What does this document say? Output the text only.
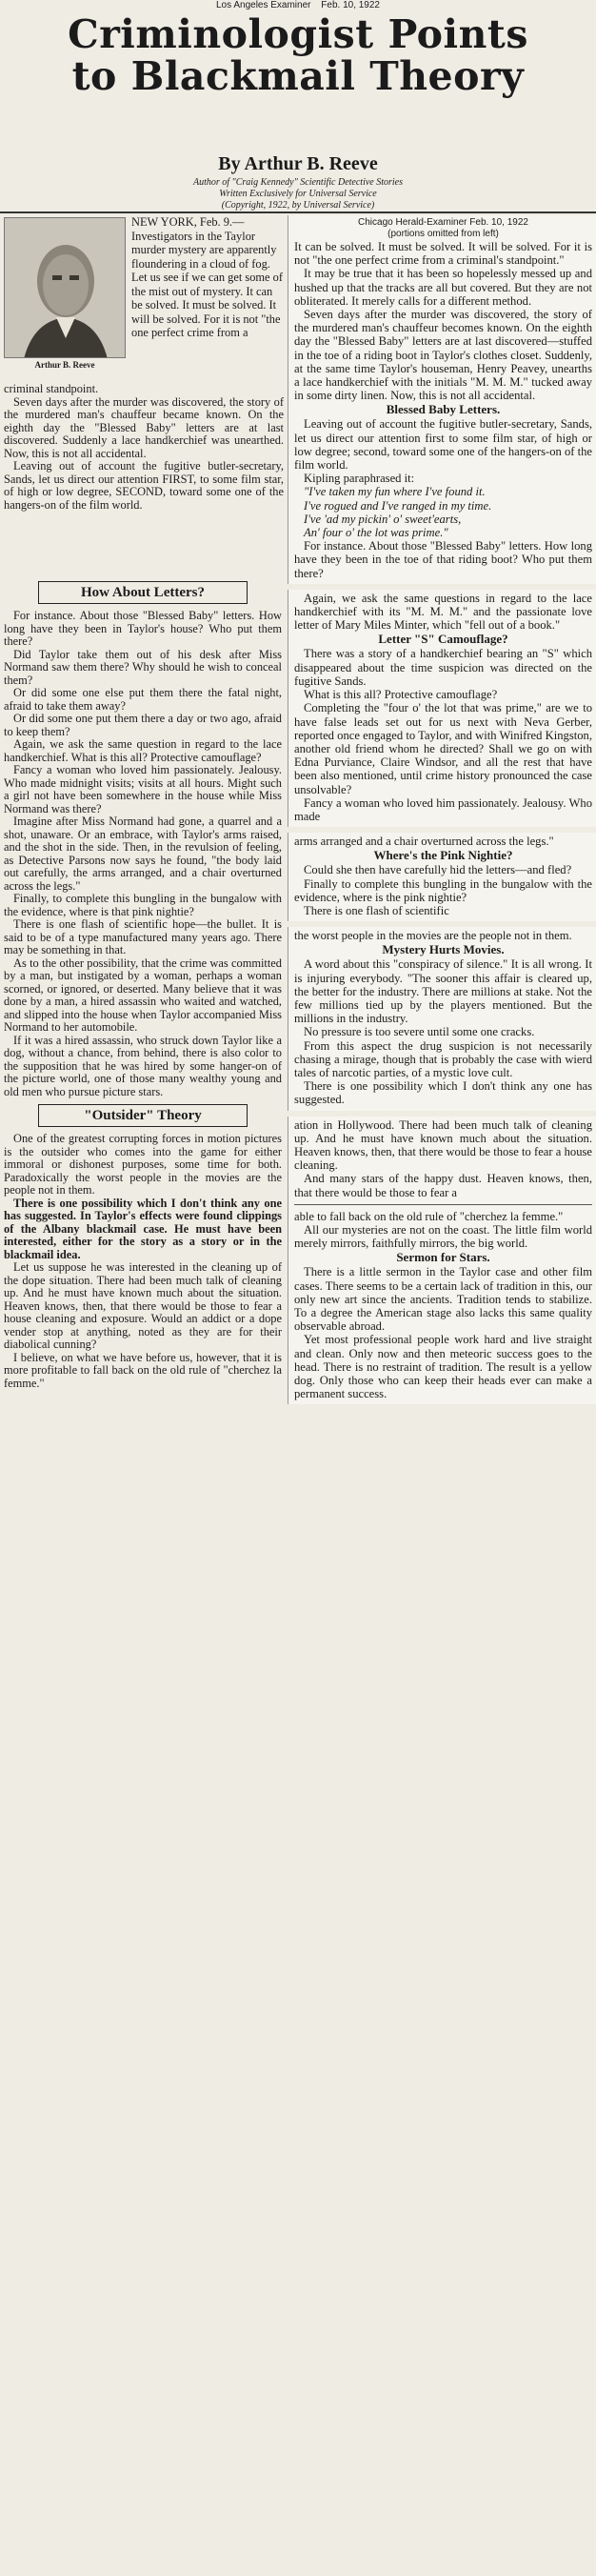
Los Angeles Examiner Feb. 10, 1922
Criminologist Points
to Blackmail Theory
By Arthur B. Reeve
Author of "Craig Kennedy" Scientific Detective Stories
Written Exclusively for Universal Service
(Copyright, 1922, by Universal Service)
Arthur B. Reeve
NEW YORK, Feb. 9.—Investigators in the Taylor murder mystery are apparently floundering in a cloud of fog. Let us see if we can get some of the mist out of mystery. It can be solved. It must be solved. It will be solved. For it is not "the one perfect crime from a

criminal standpoint.

Seven days after the murder was discovered, the story of the murdered man's chauffeur became known. On the eighth day the "Blessed Baby" letters are at last discovered. Suddenly a lace handkerchief was unearthed. Now, this is not all accidental.

Leaving out of account the fugitive butler-secretary, Sands, let us direct our attention FIRST, to some film star, of high or low degree, SECOND, toward some one of the hangers-on of the film world.

How About Letters?

For instance. About those "Blessed Baby" letters. How long have they been in Taylor's house? Who put them there?

Did Taylor take them out of his desk after Miss Normand saw them there? Why should he wish to conceal them?

Or did some one else put them there the fatal night, afraid to take them away?

Or did some one put them there a day or two ago, afraid to keep them?

Again, we ask the same question in regard to the lace handkerchief. What is this all? Protective camouflage?

Fancy a woman who loved him passionately. Jealousy. Who made midnight visits; visits at all hours. Might such a girl not have been somewhere in the house while Miss Normand was there?

Imagine after Miss Normand had gone, a quarrel and a shot, unaware. Or an embrace, with Taylor's arms raised, and the shot in the side. Then, in the revulsion of feeling, as Detective Parsons now says he found, "the body laid out carefully, the arms arranged, and a chair overturned across the legs."

Finally, to complete this bungling in the bungalow with the evidence, where is that pink nightie?

There is one flash of scientific hope—the bullet. It is said to be of a type manufactured many years ago. There may be something in that.

As to the other possibility, that the crime was committed by a man, but instigated by a woman, perhaps a woman scorned, or ignored, or deserted. Many believe that it was done by a man, a hired assassin who waited and watched, and slipped into the house when Taylor accompanied Miss Normand to her automobile.

If it was a hired assassin, who struck down Taylor like a dog, without a chance, from behind, there is also color to the supposition that he was hired by some hanger-on of the picture world, one of those many wealthy young and old men who pursue picture stars.

"Outsider" Theory

One of the greatest corrupting forces in motion pictures is the outsider who comes into the game for either immoral or dishonest purposes, some time for both. Paradoxically the worst people in the movies are the people not in them.

There is one possibility which I don't think any one has suggested. In Taylor's effects were found clippings of the Albany blackmail case. He must have been interested, either for the story as a story or in the blackmail idea.

Let us suppose he was interested in the cleaning up of the dope situation. There had been much talk of cleaning up. And he must have known much about the situation. Heaven knows, then, that there would be those to fear a house cleaning and exposure. Would an addict or a dope vender stop at anything, noted as they are for their diabolical cunning?

I believe, on what we have before us, however, that it is more profitable to fall back on the old rule of "cherchez la femme."

Chicago Herald-Examiner Feb. 10, 1922
(portions omitted from left)

It can be solved. It must be solved. It will be solved. For it is not "the one perfect crime from a criminal's standpoint."

It may be true that it has been so hopelessly messed up and hushed up that the tracks are all but covered. But they are not obliterated. It merely calls for a different method.

Seven days after the murder was discovered, the story of the murdered man's chauffeur becomes known. On the eighth day the "Blessed Baby" letters are at last discovered—stuffed in the toe of a riding boot in Taylor's clothes closet. Suddenly, at the same time Taylor's houseman, Henry Peavey, unearths a lace handkerchief with the initials "M. M. M." tucked away in some dirty linen. Now, this is not all accidental.

Blessed Baby Letters.

Leaving out of account the fugitive butler-secretary, Sands, let us direct our attention first to some film star, of high or low degree; second, toward some one of the hangers-on of the film world.

Kipling paraphrased it:

"I've taken my fun where I've found it.

I've rogued and I've ranged in my time.

I've 'ad my pickin' o' sweet'earts,

An' four o' the lot was prime."

For instance. About those "Blessed Baby" letters. How long have they been in the toe of that riding boot? Who put them there?

Again, we ask the same questions in regard to the lace handkerchief with its "M. M. M." and the passionate love letter of Mary Miles Minter, which "fell out of a book."

Letter "S" Camouflage?

There was a story of a handkerchief bearing an "S" which disappeared about the time suspicion was directed on the fugitive Sands.

What is this all? Protective camouflage?

Completing the "four o' the lot that was prime," are we to have false leads set out for us next with Neva Gerber, reported once engaged to Taylor, and with Winifred Kingston, another old friend whom he directed? Shall we go on with Edna Purviance, Claire Windsor, and all the rest that have been also mentioned, until crime history pronounced the case unsolvable?

Fancy a woman who loved him passionately. Jealousy. Who made

arms arranged and a chair overturned across the legs."

Where's the Pink Nightie?

Could she then have carefully hid the letters—and fled?

Finally to complete this bungling in the bungalow with the evidence, where is the pink nightie?

There is one flash of scientific

the worst people in the movies are the people not in them.

Mystery Hurts Movies.

A word about this "conspiracy of silence." It is all wrong. It is injuring everybody. "The sooner this affair is cleared up, the better for the industry. There are millions at stake. Not the few millions tied up by the players mentioned. But the millions in the industry.

No pressure is too severe until some one cracks.

From this aspect the drug suspicion is not necessarily chasing a mirage, though that is probably the case with wierd tales of narcotic parties, of a mystic love cult.

There is one possibility which I don't think any one has suggested.

ation in Hollywood. There had been much talk of cleaning up. And he must have known much about the situation. Heaven knows, then, that there would be those to fear a house cleaning.

And many stars of the happy dust. Heaven knows, then, that there would be those to fear a

able to fall back on the old rule of "cherchez la femme."

All our mysteries are not on the coast. The little film world merely mirrors, faithfully mirrors, the big world.

Sermon for Stars.

There is a little sermon in the Taylor case and other film cases. There seems to be a certain lack of tradition in this, our only new art since the ancients. Tradition tends to stabilize. To a degree the American stage also lacks this same quality observable abroad.

Yet most professional people work hard and live straight and clean. Only now and then meteoric success goes to the head. There is no restraint of tradition. The result is a yellow dog. Only those who can keep their heads ever can make a permanent success.
